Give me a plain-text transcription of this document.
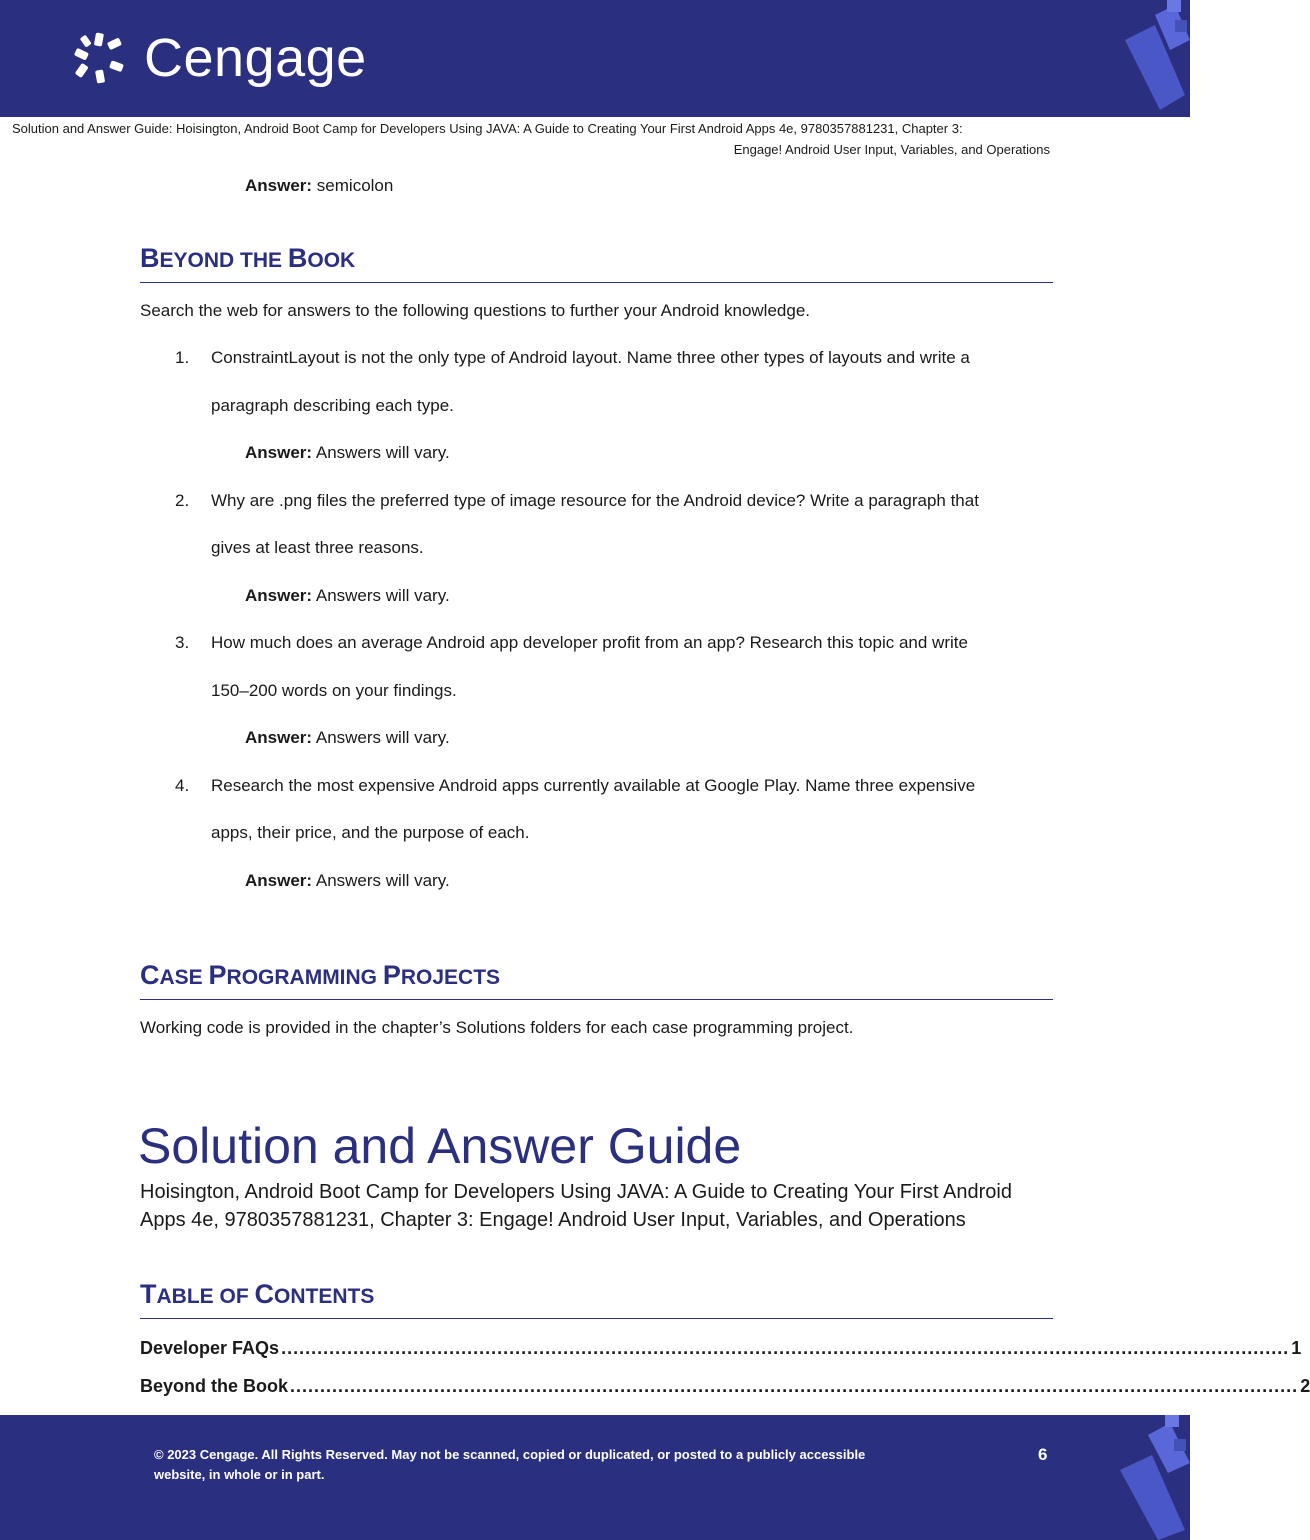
Cengage
Solution and Answer Guide: Hoisington, Android Boot Camp for Developers Using JAVA: A Guide to Creating Your First Android Apps 4e, 9780357881231, Chapter 3:
Engage! Android User Input, Variables, and Operations
Answer: semicolon
BEYOND THE BOOK
Search the web for answers to the following questions to further your Android knowledge.
1. ConstraintLayout is not the only type of Android layout. Name three other types of layouts and write a
paragraph describing each type.
Answer: Answers will vary.
2. Why are .png files the preferred type of image resource for the Android device? Write a paragraph that
gives at least three reasons.
Answer: Answers will vary.
3. How much does an average Android app developer profit from an app? Research this topic and write
150–200 words on your findings.
Answer: Answers will vary.
4. Research the most expensive Android apps currently available at Google Play. Name three expensive
apps, their price, and the purpose of each.
Answer: Answers will vary.
CASE PROGRAMMING PROJECTS
Working code is provided in the chapter’s Solutions folders for each case programming project.
Solution and Answer Guide
Hoisington, Android Boot Camp for Developers Using JAVA: A Guide to Creating Your First Android Apps 4e, 9780357881231, Chapter 3: Engage! Android User Input, Variables, and Operations
TABLE OF CONTENTS
Developer FAQs ........................................................................................................................................................................ 1
Beyond the Book ........................................................................................................................................................................ 2
© 2023 Cengage. All Rights Reserved. May not be scanned, copied or duplicated, or posted to a publicly accessible website, in whole or in part.
6
